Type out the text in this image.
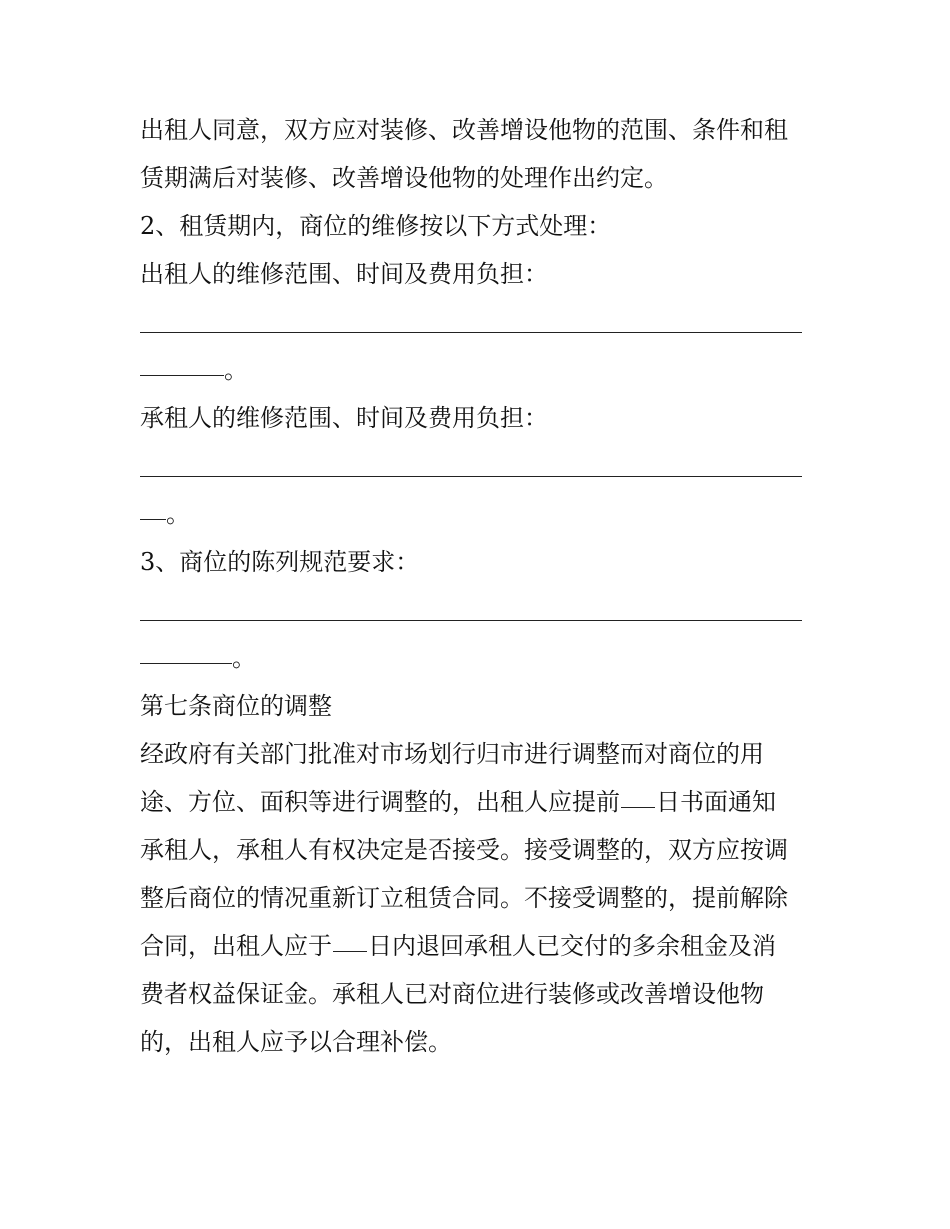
出租人同意，双方应对装修、改善增设他物的范围、条件和租
赁期满后对装修、改善增设他物的处理作出约定。
2、租赁期内，商位的维修按以下方式处理：
出租人的维修范围、时间及费用负担：
。
承租人的维修范围、时间及费用负担：
。
3、商位的陈列规范要求：
。
第七条商位的调整
经政府有关部门批准对市场划行归市进行调整而对商位的用
途、方位、面积等进行调整的，出租人应提前 日书面通知
承租人，承租人有权决定是否接受。接受调整的，双方应按调
整后商位的情况重新订立租赁合同。不接受调整的，提前解除
合同，出租人应于 日内退回承租人已交付的多余租金及消
费者权益保证金。承租人已对商位进行装修或改善增设他物
的，出租人应予以合理补偿。
